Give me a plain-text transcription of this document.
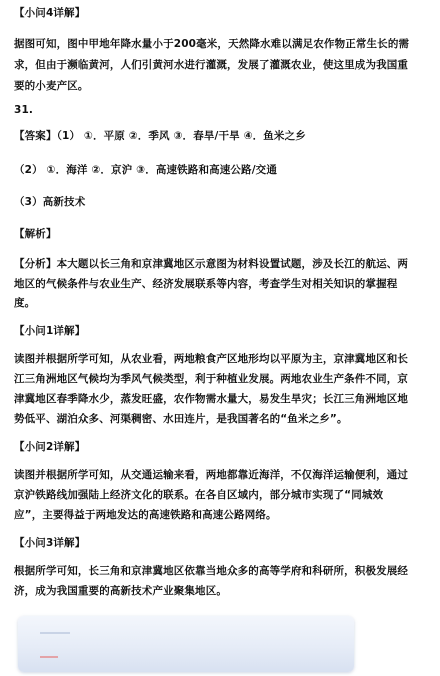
【小问4详解】
据图可知，图中甲地年降水量小于200毫米，天然降水难以满足农作物正常生长的需
求，但由于濒临黄河，人们引黄河水进行灌溉，发展了灌溉农业，使这里成为我国重
要的小麦产区。
31.
【答案】（1） ①．平原 ②．季风 ③．春旱/干旱 ④．鱼米之乡
（2） ①．海洋 ②．京沪 ③．高速铁路和高速公路/交通
（3）高新技术
【解析】
【分析】本大题以长三角和京津冀地区示意图为材料设置试题，涉及长江的航运、两
地区的气候条件与农业生产、经济发展联系等内容，考查学生对相关知识的掌握程
度。
【小问1详解】
读图并根据所学可知，从农业看，两地粮食产区地形均以平原为主，京津冀地区和长
江三角洲地区气候均为季风气候类型，利于种植业发展。两地农业生产条件不同，京
津冀地区春季降水少，蒸发旺盛，农作物需水量大，易发生旱灾；长江三角洲地区地
势低平、湖泊众多、河渠稠密、水田连片，是我国著名的“鱼米之乡”。
【小问2详解】
读图并根据所学可知，从交通运输来看，两地都靠近海洋，不仅海洋运输便利，通过
京沪铁路线加强陆上经济文化的联系。在各自区域内，部分城市实现了“同城效
应”，主要得益于两地发达的高速铁路和高速公路网络。
【小问3详解】
根据所学可知，长三角和京津冀地区依靠当地众多的高等学府和科研所，积极发展经
济，成为我国重要的高新技术产业聚集地区。
